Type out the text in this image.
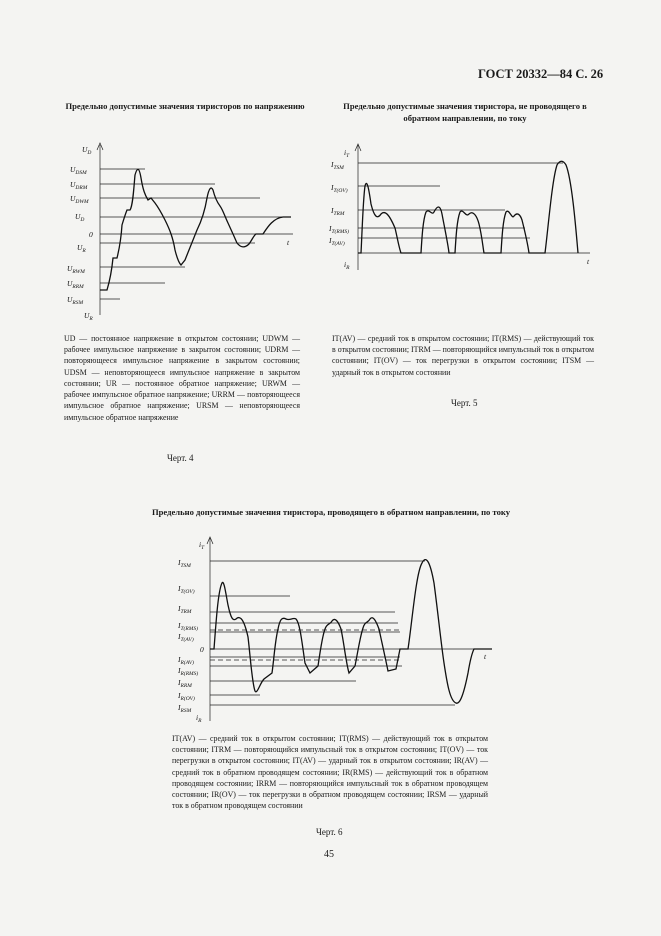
ГОСТ 20332—84 С. 26
Предельно допустимые значения тиристоров по напряжению
$U_D$
$U_{DSM}$
$U_{DRM}$
$U_{DWM}$
$U_D$
0
$U_R$
$U_{RWM}$
$U_{RRM}$
$U_{RSM}$
$U_R$
t
UD — постоянное напряжение в открытом состоянии; UDWM — рабочее импульсное напряжение в закрытом состоянии; UDRM — повторяющееся импульсное напряжение в закрытом состоянии; UDSM — неповторяющееся импульсное напряжение в закрытом состоянии; UR — постоянное обратное напряжение; URWM — рабочее импульсное обратное напряжение; URRM — повторяющееся импульсное обратное напряжение; URSM — неповторяющееся импульсное обратное напряжение
Черт. 4
Предельно допустимые значения тиристора, не проводящего в обратном направлении, по току
$i_T$
$I_{TSM}$
$I_{T(OV)}$
$I_{TRM}$
$I_{T(RMS)}$
$I_{T(AV)}$
$i_R$
t
IT(AV) — средний ток в открытом состоянии; IT(RMS) — действующий ток в открытом состоянии; ITRM — повторяющийся импульсный ток в открытом состоянии; IT(OV) — ток перегрузки в открытом состоянии; ITSM — ударный ток в открытом состоянии
Черт. 5
Предельно допустимые значения тиристора, проводящего в обратном направлении, по току
$i_T$
$I_{TSM}$
$I_{T(OV)}$
$I_{TRM}$
$I_{T(RMS)}$
$I_{T(AV)}$
0
$I_{R(AV)}$
$I_{R(RMS)}$
$I_{RRM}$
$I_{R(OV)}$
$I_{RSM}$
$i_R$
t
IT(AV) — средний ток в открытом состоянии; IT(RMS) — действующий ток в открытом состоянии; ITRM — повторяющийся импульсный ток в открытом состоянии; IT(OV) — ток перегрузки в открытом состоянии; IT(AV) — ударный ток в открытом состоянии; IR(AV) — средний ток в обратном проводящем состоянии; IR(RMS) — действующий ток в обратном проводящем состоянии; IRRM — повторяющийся импульсный ток в обратном проводящем состоянии; IR(OV) — ток перегрузки в обратном проводящем состоянии; IRSM — ударный ток в обратном проводящем состоянии
Черт. 6
45
